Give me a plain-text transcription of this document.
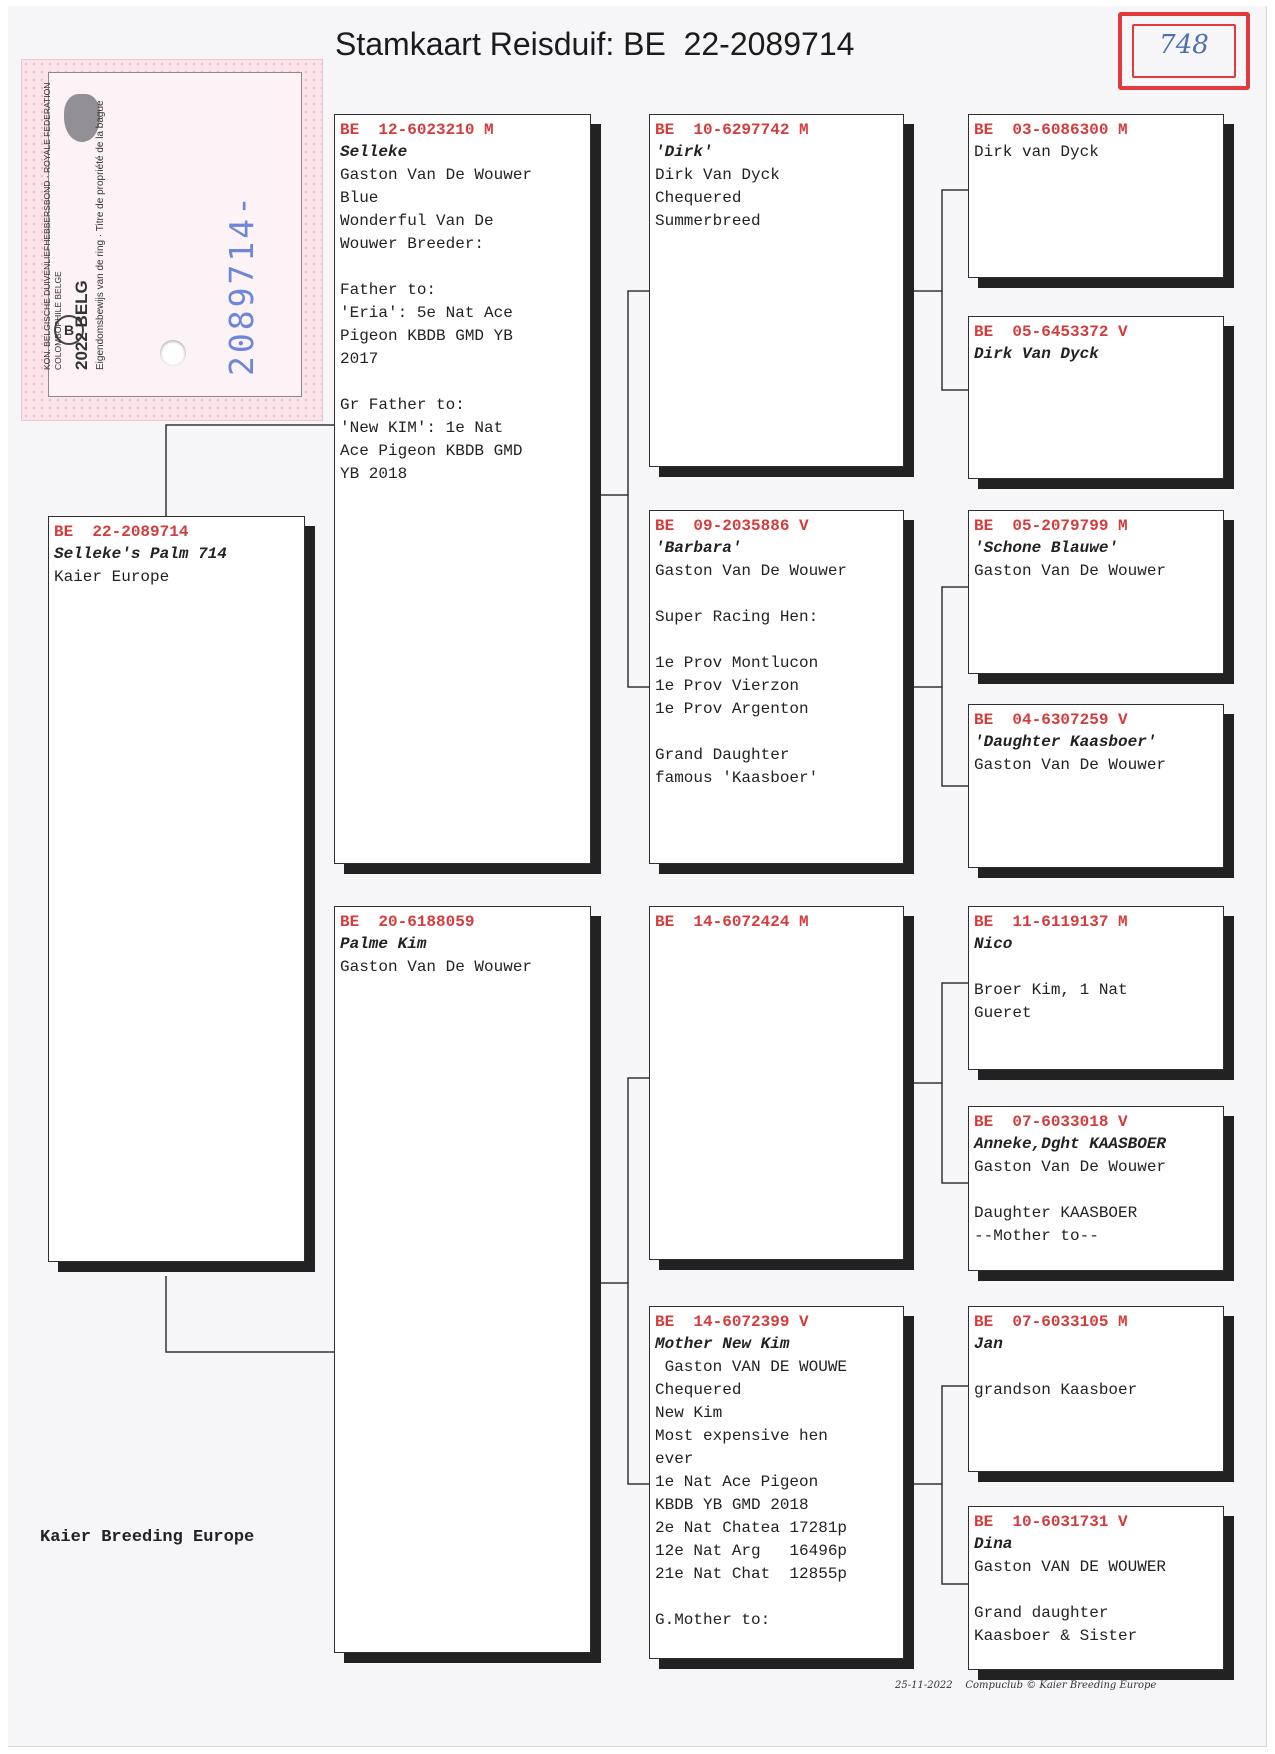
Stamkaart Reisduif: BE  22-2089714	748
B
KON. BELGISCHE DUIVENLIEFHEBBERSBOND · ROYALE FEDERATION COLOMBOPHILE BELGE 2022 BELG Eigendomsbewijs van de ring · Titre de propriété de la bague	2089714-
BE  22-2089714
Selleke's Palm 714
Kaier Europe
BE  12-6023210 M
Selleke
Gaston Van De Wouwer
Blue
Wonderful Van De
Wouwer Breeder:
Father to:
'Eria': 5e Nat Ace
Pigeon KBDB GMD YB
2017
Gr Father to:
'New KIM': 1e Nat
Ace Pigeon KBDB GMD
YB 2018
BE  20-6188059
Palme Kim
Gaston Van De Wouwer
BE  10-6297742 M
'Dirk'
Dirk Van Dyck
Chequered
Summerbreed
BE  09-2035886 V
'Barbara'
Gaston Van De Wouwer
Super Racing Hen:
1e Prov Montlucon
1e Prov Vierzon
1e Prov Argenton
Grand Daughter
famous 'Kaasboer'
BE  14-6072424 M
BE  14-6072399 V
Mother New Kim
Gaston VAN DE WOUWE
Chequered
New Kim
Most expensive hen
ever
1e Nat Ace Pigeon
KBDB YB GMD 2018
2e Nat Chatea 17281p
12e Nat Arg   16496p
21e Nat Chat  12855p
G.Mother to:
BE  03-6086300 M
Dirk van Dyck
BE  05-6453372 V
Dirk Van Dyck
BE  05-2079799 M
'Schone Blauwe'
Gaston Van De Wouwer
BE  04-6307259 V
'Daughter Kaasboer'
Gaston Van De Wouwer
BE  11-6119137 M
Nico
Broer Kim, 1 Nat
Gueret
BE  07-6033018 V
Anneke,Dght KAASBOER
Gaston Van De Wouwer
Daughter KAASBOER
--Mother to--
BE  07-6033105 M
Jan
grandson Kaasboer
BE  10-6031731 V
Dina
Gaston VAN DE WOUWER
Grand daughter
Kaasboer & Sister
Kaier Breeding Europe
25-11-2022 Compuclub © Kaier Breeding Europe
